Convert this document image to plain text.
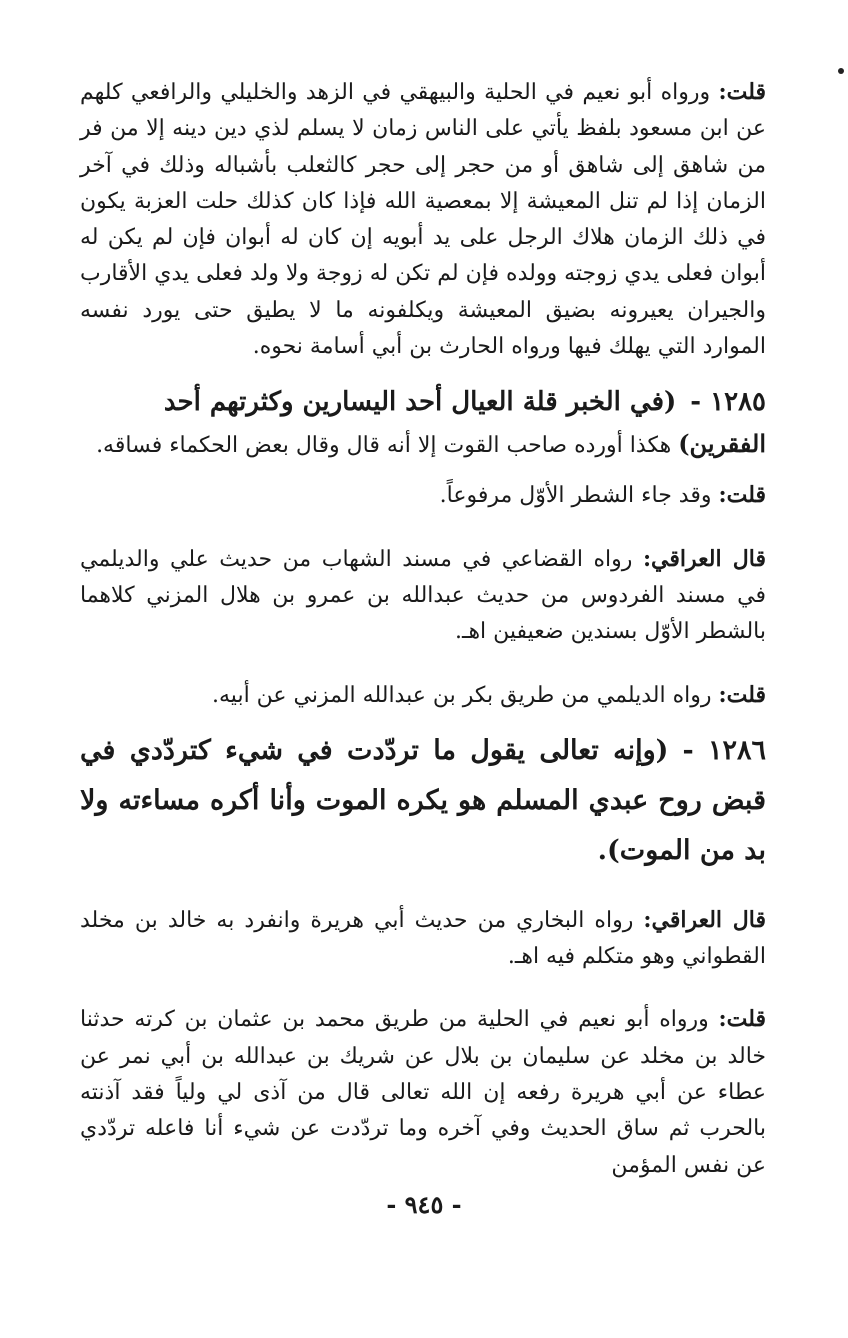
قلت: ورواه أبو نعيم في الحلية والبيهقي في الزهد والخليلي والرافعي كلهم عن ابن مسعود بلفظ يأتي على الناس زمان لا يسلم لذي دين دينه إلا من فر من شاهق إلى شاهق أو من حجر إلى حجر كالثعلب بأشباله وذلك في آخر الزمان إذا لم تنل المعيشة إلا بمعصية الله فإذا كان كذلك حلت العزبة يكون في ذلك الزمان هلاك الرجل على يد أبويه إن كان له أبوان فإن لم يكن له أبوان فعلى يدي زوجته وولده فإن لم تكن له زوجة ولا ولد فعلى يدي الأقارب والجيران يعيرونه بضيق المعيشة ويكلفونه ما لا يطيق حتى يورد نفسه الموارد التي يهلك فيها ورواه الحارث بن أبي أسامة نحوه.

١٢٨٥ -(في الخبر قلة العيال أحد اليسارين وكثرتهم أحد

الفقرين) هكذا أورده صاحب القوت إلا أنه قال وقال بعض الحكماء فساقه.

قلت: وقد جاء الشطر الأوّل مرفوعاً.

قال العراقي: رواه القضاعي في مسند الشهاب من حديث علي والديلمي في مسند الفردوس من حديث عبدالله بن عمرو بن هلال المزني كلاهما بالشطر الأوّل بسندين ضعيفين اهـ.

قلت: رواه الديلمي من طريق بكر بن عبدالله المزني عن أبيه.

١٢٨٦ -(وإنه تعالى يقول ما تردّدت في شيء كتردّدي في قبض روح عبدي المسلم هو يكره الموت وأنا أكره مساءته ولا بد من الموت).

قال العراقي: رواه البخاري من حديث أبي هريرة وانفرد به خالد بن مخلد القطواني وهو متكلم فيه اهـ.

قلت: ورواه أبو نعيم في الحلية من طريق محمد بن عثمان بن كرته حدثنا خالد بن مخلد عن سليمان بن بلال عن شريك بن عبدالله بن أبي نمر عن عطاء عن أبي هريرة رفعه إن الله تعالى قال من آذى لي ولياً فقد آذنته بالحرب ثم ساق الحديث وفي آخره وما تردّدت عن شيء أنا فاعله تردّدي عن نفس المؤمن

- ٩٤٥ -
